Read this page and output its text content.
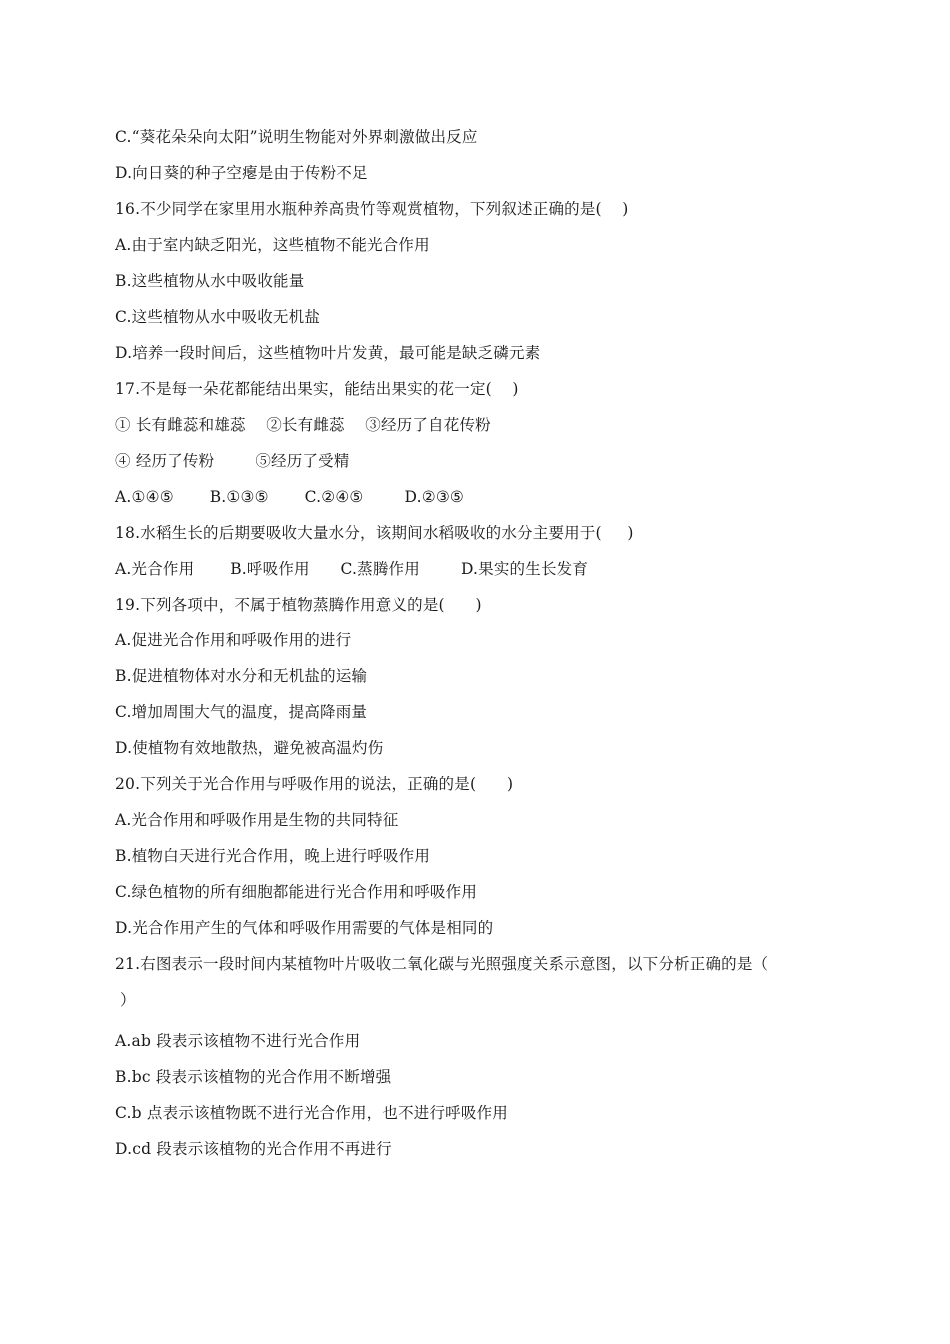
C.“葵花朵朵向太阳”说明生物能对外界刺激做出反应
D.向日葵的种子空瘪是由于传粉不足
16.不少同学在家里用水瓶种养高贵竹等观赏植物，下列叙述正确的是(    )
A.由于室内缺乏阳光，这些植物不能光合作用
B.这些植物从水中吸收能量
C.这些植物从水中吸收无机盐
D.培养一段时间后，这些植物叶片发黄，最可能是缺乏磷元素
17.不是每一朵花都能结出果实，能结出果实的花一定(    )
① 长有雌蕊和雄蕊    ②长有雌蕊    ③经历了自花传粉
④ 经历了传粉        ⑤经历了受精
A.①④⑤       B.①③⑤       C.②④⑤        D.②③⑤
18.水稻生长的后期要吸收大量水分，该期间水稻吸收的水分主要用于(     )
A.光合作用       B.呼吸作用      C.蒸腾作用        D.果实的生长发育
19.下列各项中，不属于植物蒸腾作用意义的是(      )
A.促进光合作用和呼吸作用的进行
B.促进植物体对水分和无机盐的运输
C.增加周围大气的温度，提高降雨量
D.使植物有效地散热，避免被高温灼伤
20.下列关于光合作用与呼吸作用的说法，正确的是(      )
A.光合作用和呼吸作用是生物的共同特征
B.植物白天进行光合作用，晚上进行呼吸作用
C.绿色植物的所有细胞都能进行光合作用和呼吸作用
D.光合作用产生的气体和呼吸作用需要的气体是相同的
21.右图表示一段时间内某植物叶片吸收二氧化碳与光照强度关系示意图，以下分析正确的是（
）
A.ab 段表示该植物不进行光合作用
B.bc 段表示该植物的光合作用不断增强
C.b 点表示该植物既不进行光合作用，也不进行呼吸作用
D.cd 段表示该植物的光合作用不再进行
